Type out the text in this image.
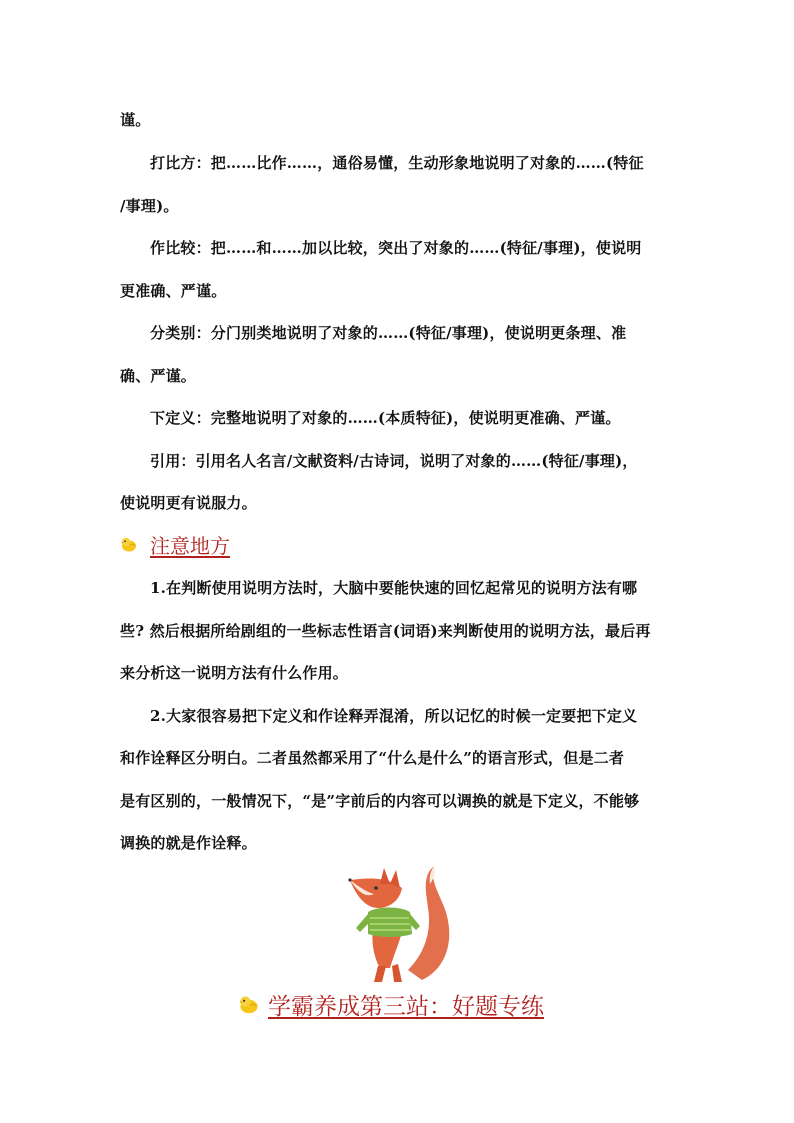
谨。
打比方：把……比作……，通俗易懂，生动形象地说明了对象的……(特征
/事理)。
作比较：把……和……加以比较，突出了对象的……(特征/事理)，使说明
更准确、严谨。
分类别：分门别类地说明了对象的……(特征/事理)，使说明更条理、准
确、严谨。
下定义：完整地说明了对象的……(本质特征)，使说明更准确、严谨。
引用：引用名人名言/文献资料/古诗词，说明了对象的……(特征/事理)，
使说明更有说服力。
注意地方
1.在判断使用说明方法时，大脑中要能快速的回忆起常见的说明方法有哪
些? 然后根据所给剧组的一些标志性语言(词语)来判断使用的说明方法，最后再
来分析这一说明方法有什么作用。
2.大家很容易把下定义和作诠释弄混淆，所以记忆的时候一定要把下定义
和作诠释区分明白。二者虽然都采用了“什么是什么”的语言形式，但是二者
是有区别的，一般情况下，“是”字前后的内容可以调换的就是下定义，不能够
调换的就是作诠释。
学霸养成第三站：好题专练
